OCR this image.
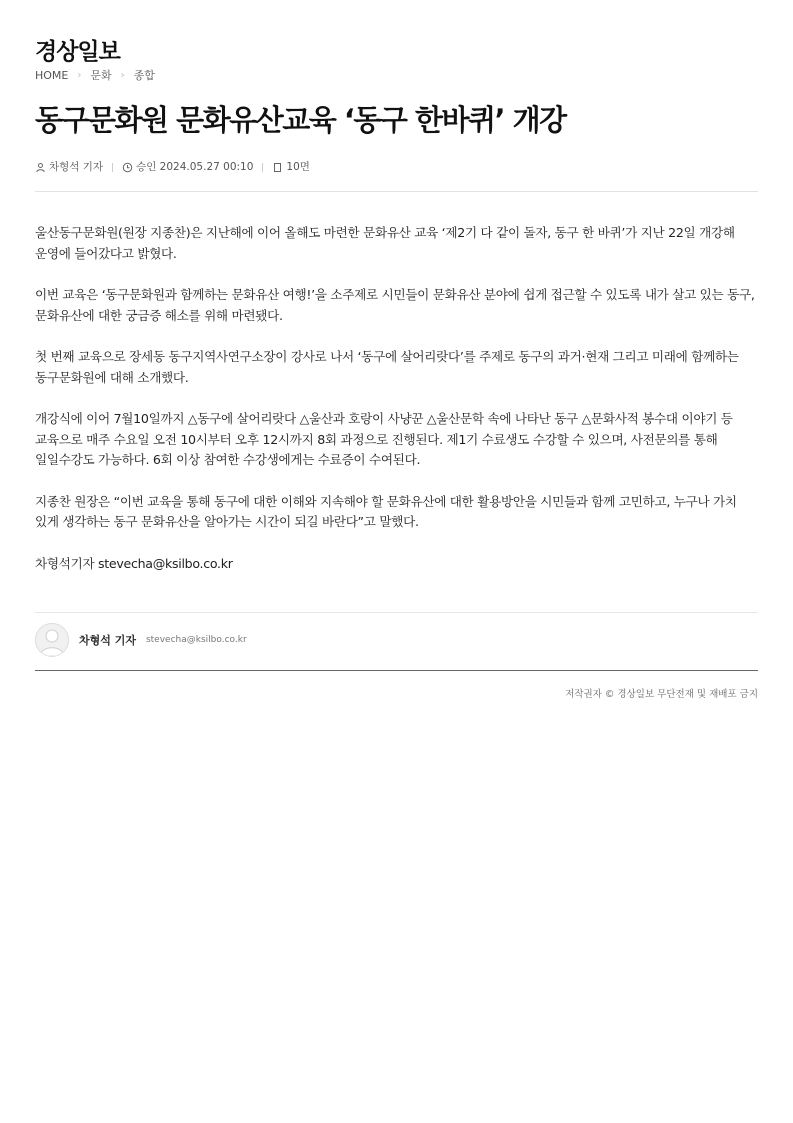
경상일보
HOME › 문화 › 종합
동구문화원 문화유산교육 ‘동구 한바퀴’ 개강
차형석 기자	승인 2024.05.27 00:10	10면

울산동구문화원(원장 지종찬)은 지난해에 이어 올해도 마련한 문화유산 교육 ‘제2기 다 같이 돌자, 동구 한 바퀴’가 지난 22일 개강해 운영에 들어갔다고 밝혔다.

이번 교육은 ‘동구문화원과 함께하는 문화유산 여행!’을 소주제로 시민들이 문화유산 분야에 쉽게 접근할 수 있도록 내가 살고 있는 동구, 문화유산에 대한 궁금증 해소를 위해 마련됐다.

첫 번째 교육으로 장세동 동구지역사연구소장이 강사로 나서 ‘동구에 살어리랏다’를 주제로 동구의 과거·현재 그리고 미래에 함께하는 동구문화원에 대해 소개했다.

개강식에 이어 7월10일까지 △동구에 살어리랏다 △울산과 호랑이 사냥꾼 △울산문학 속에 나타난 동구 △문화사적 봉수대 이야기 등 교육으로 매주 수요일 오전 10시부터 오후 12시까지 8회 과정으로 진행된다. 제1기 수료생도 수강할 수 있으며, 사전문의를 통해 일일수강도 가능하다. 6회 이상 참여한 수강생에게는 수료증이 수여된다.

지종찬 원장은 “이번 교육을 통해 동구에 대한 이해와 지속해야 할 문화유산에 대한 활용방안을 시민들과 함께 고민하고, 누구나 가치 있게 생각하는 동구 문화유산을 알아가는 시간이 되길 바란다”고 말했다.

차형석기자 stevecha@ksilbo.co.kr

차형석 기자 stevecha@ksilbo.co.kr
저작권자 © 경상일보 무단전재 및 재배포 금지
